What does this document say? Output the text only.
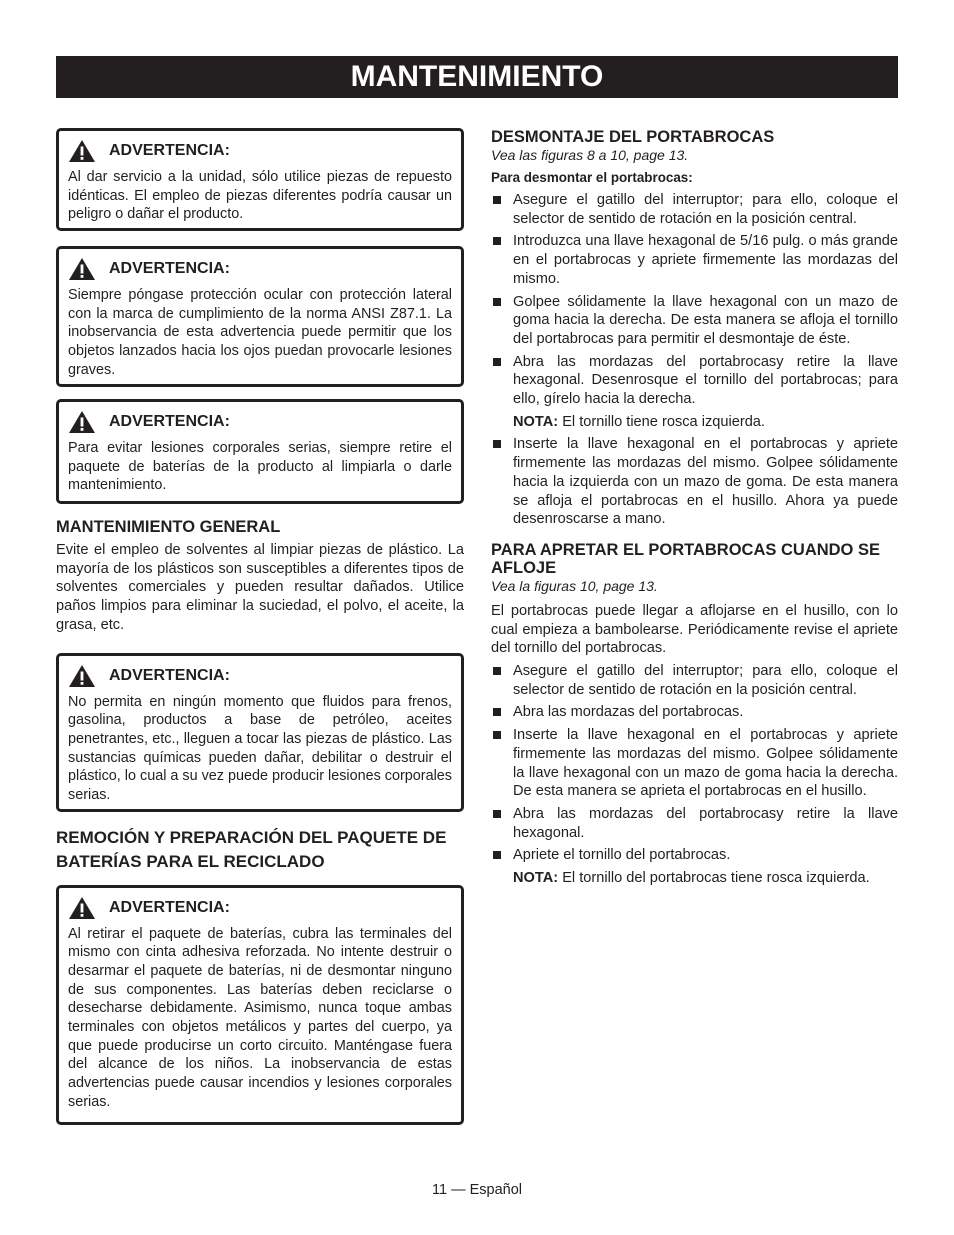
MANTENIMIENTO
ADVERTENCIA:
Al dar servicio a la unidad, sólo utilice piezas de repuesto idénticas. El empleo de piezas diferentes podría causar un peligro o dañar el producto.
ADVERTENCIA:
Siempre póngase protección ocular con protección lateral con la marca de cumplimiento de la norma ANSI Z87.1. La inobservancia de esta advertencia puede permitir que los objetos lanzados hacia los ojos puedan provocarle lesiones graves.
ADVERTENCIA:
Para evitar lesiones corporales serias, siempre retire el paquete de baterías de la producto al limpiarla o darle mantenimiento.
MANTENIMIENTO GENERAL
Evite el empleo de solventes al limpiar piezas de plástico. La mayoría de los plásticos son susceptibles a diferentes tipos de solventes comerciales y pueden resultar dañados. Utilice paños limpios para eliminar la suciedad, el polvo, el aceite, la grasa, etc.
ADVERTENCIA:
No permita en ningún momento que fluidos para frenos, gasolina, productos a base de petróleo, aceites penetrantes, etc., lleguen a tocar las piezas de plástico. Las sustancias químicas pueden dañar, debilitar o destruir el plástico, lo cual a su vez puede producir lesiones corporales serias.
REMOCIÓN Y PREPARACIÓN DEL PAQUETE DE BATERÍAS PARA EL RECICLADO
ADVERTENCIA:
Al retirar el paquete de baterías, cubra las terminales del mismo con cinta adhesiva reforzada. No intente destruir o desarmar el paquete de baterías, ni de desmontar ninguno de sus componentes. Las baterías deben reciclarse o desecharse debidamente. Asimismo, nunca toque ambas terminales con objetos metálicos y partes del cuerpo, ya que puede producirse un corto circuito. Manténgase fuera del alcance de los niños. La inobservancia de estas advertencias puede causar incendios y lesiones corporales serias.
DESMONTAJE DEL PORTABROCAS
Vea las figuras 8 a 10, page 13.
Para desmontar el portabrocas:
Asegure el gatillo del interruptor; para ello, coloque el selector de sentido de rotación en la posición central.
Introduzca una llave hexagonal de 5/16 pulg. o más grande en el portabrocas y apriete firmemente las mordazas del mismo.
Golpee sólidamente la llave hexagonal con un mazo de goma hacia la derecha. De esta manera se afloja el tornillo del portabrocas para permitir el desmontaje de éste.
Abra las mordazas del portabrocasy retire la llave hexagonal. Desenrosque el tornillo del portabrocas; para ello, gírelo hacia la derecha.
NOTA: El tornillo tiene rosca izquierda.
Inserte la llave hexagonal en el portabrocas y apriete firmemente las mordazas del mismo. Golpee sólidamente hacia la izquierda con un mazo de goma. De esta manera se afloja el portabrocas en el husillo. Ahora ya puede desenroscarse a mano.
PARA APRETAR EL PORTABROCAS CUANDO SE AFLOJE
Vea la figuras 10, page 13.
El portabrocas puede llegar a aflojarse en el husillo, con lo cual empieza a bambolearse. Periódicamente revise el apriete del tornillo del portabrocas.
Asegure el gatillo del interruptor; para ello, coloque el selector de sentido de rotación en la posición central.
Abra las mordazas del portabrocas.
Inserte la llave hexagonal en el portabrocas y apriete firmemente las mordazas del mismo. Golpee sólidamente la llave hexagonal con un mazo de goma hacia la derecha. De esta manera se aprieta el portabrocas en el husillo.
Abra las mordazas del portabrocasy retire la llave hexagonal.
Apriete el tornillo del portabrocas.
NOTA: El tornillo del portabrocas tiene rosca izquierda.
11 — Español
